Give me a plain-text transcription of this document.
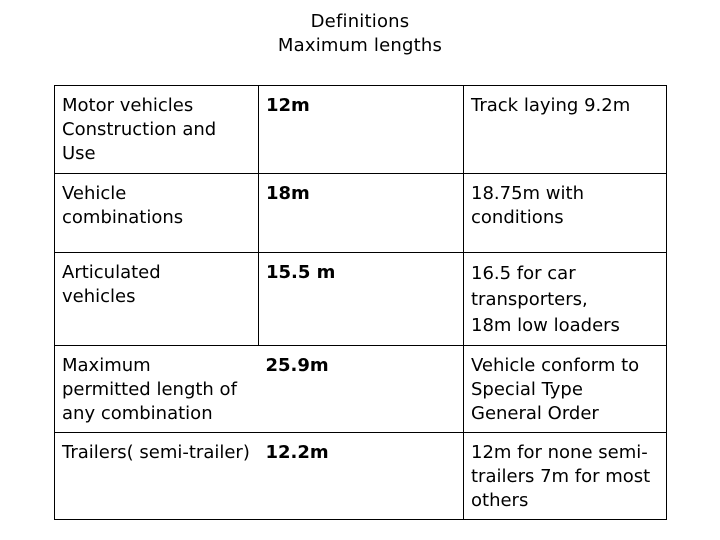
Definitions
Maximum lengths
Motor vehicles
Construction and
Use	12m	Track laying 9.2m

Vehicle
combinations	18m	18.75m with
conditions

Articulated
vehicles	15.5 m	16.5 for car
transporters,
18m low loaders

Maximum
permitted length of
any combination	25.9m	Vehicle conform to
Special Type
General Order

Trailers( semi-trailer)	12.2m	12m for none semi-
trailers 7m for most
others
